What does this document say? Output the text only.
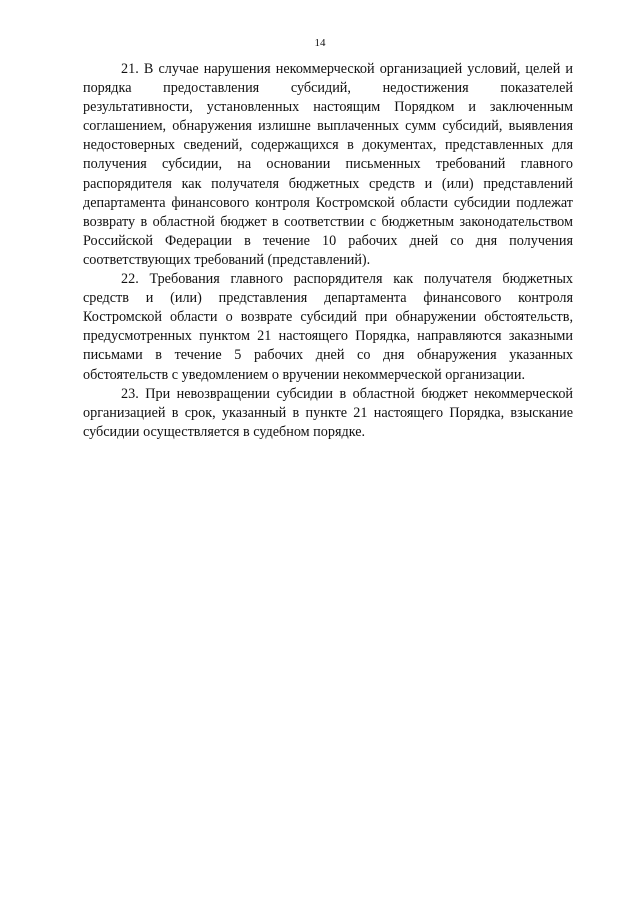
14

21. В случае нарушения некоммерческой организацией условий, целей и порядка предоставления субсидий, недостижения показателей результативности, установленных настоящим Порядком и заключенным соглашением, обнаружения излишне выплаченных сумм субсидий, выявления недостоверных сведений, содержащихся в документах, представленных для получения субсидии, на основании письменных требований главного распорядителя как получателя бюджетных средств и (или) представлений департамента финансового контроля Костромской области субсидии подлежат возврату в областной бюджет в соответствии с бюджетным законодательством Российской Федерации в течение 10 рабочих дней со дня получения соответствующих требований (представлений).

22. Требования главного распорядителя как получателя бюджетных средств и (или) представления департамента финансового контроля Костромской области о возврате субсидий при обнаружении обстоятельств, предусмотренных пунктом 21 настоящего Порядка, направляются заказными письмами в течение 5 рабочих дней со дня обнаружения указанных обстоятельств с уведомлением о вручении некоммерческой организации.

23. При невозвращении субсидии в областной бюджет некоммерческой организацией в срок, указанный в пункте 21 настоящего Порядка, взыскание субсидии осуществляется в судебном порядке.
